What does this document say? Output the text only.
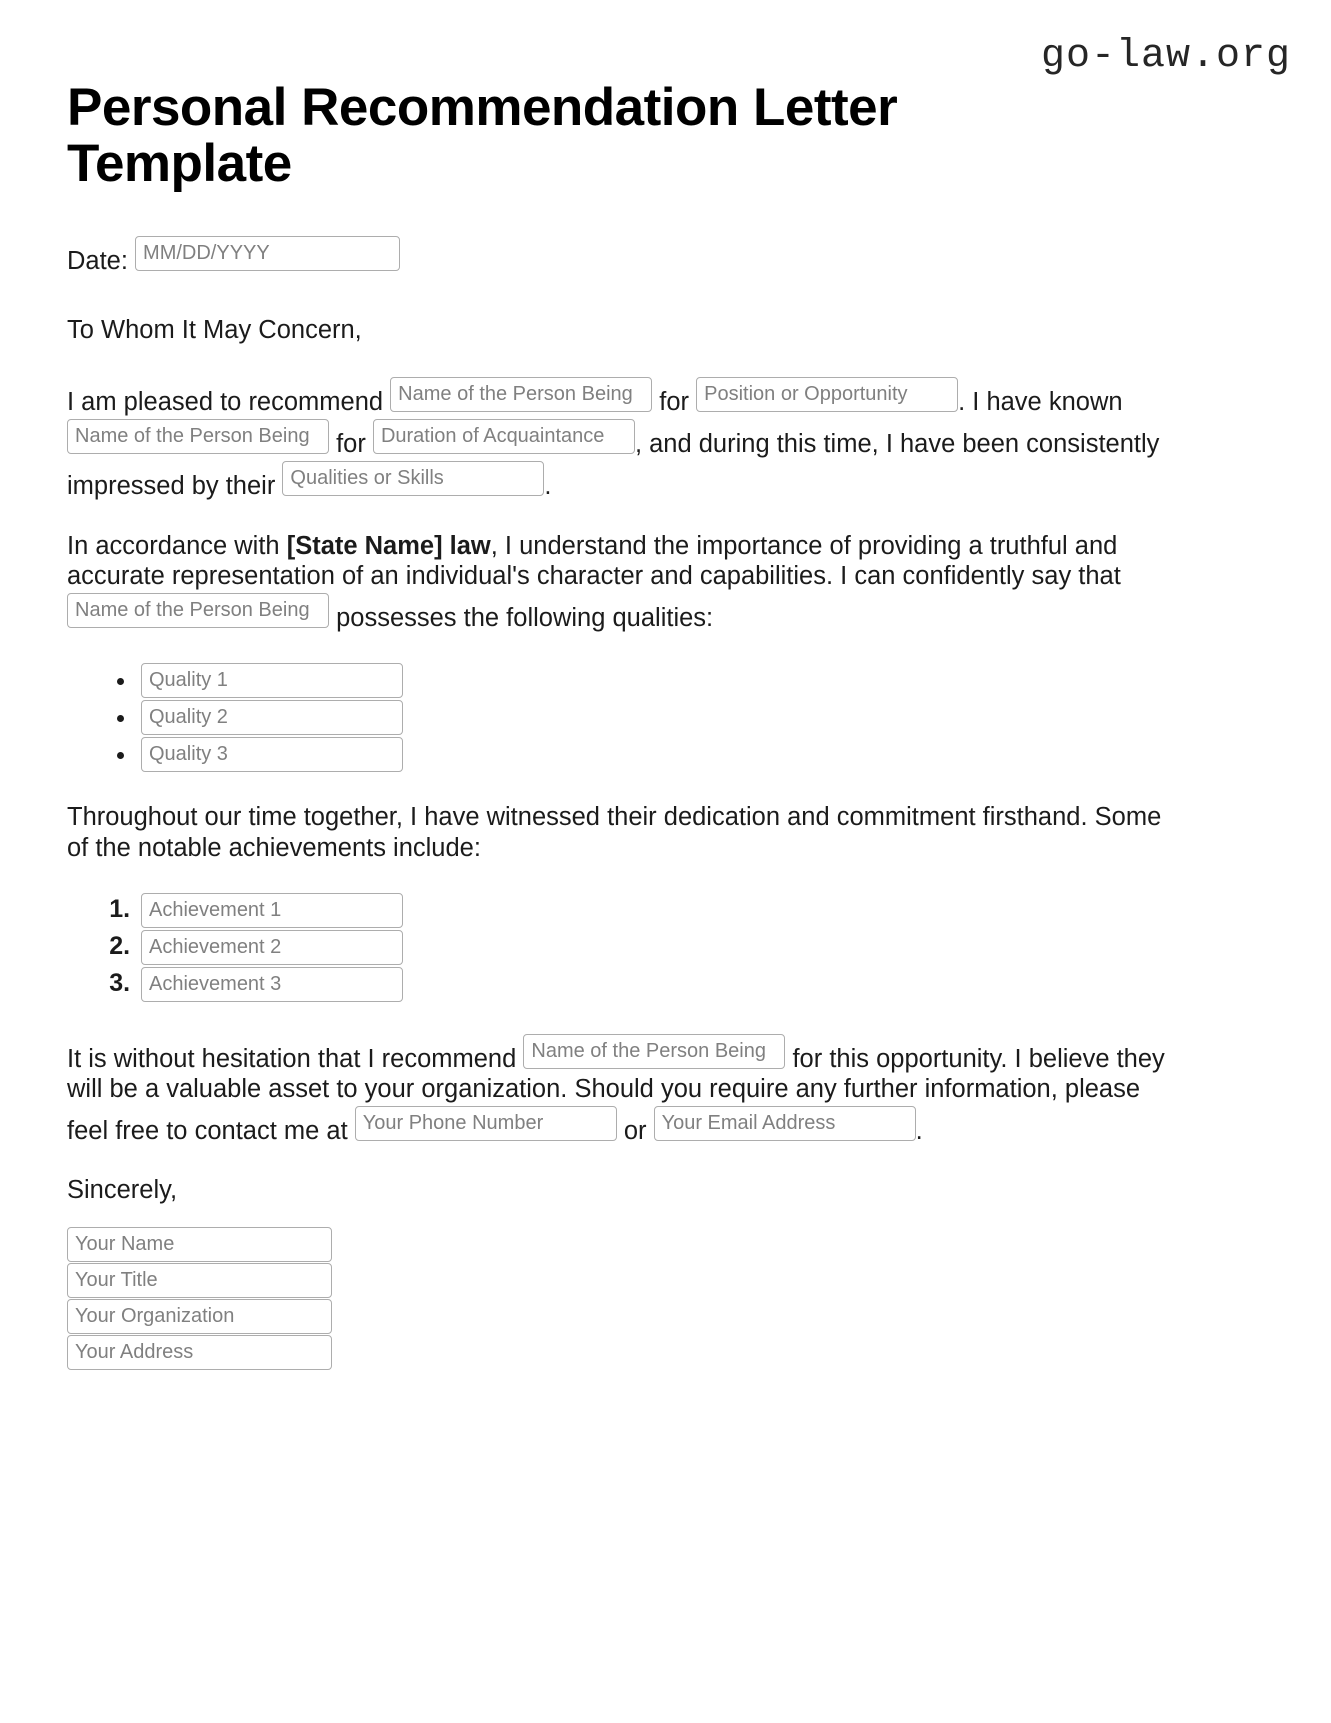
go-law.org
Personal Recommendation Letter Template
Date: MM/DD/YYYY

To Whom It May Concern,

I am pleased to recommend Name of the Person Being for Position or Opportunity . I have known Name of the Person Being for Duration of Acquaintance , and during this time, I have been consistently impressed by their Qualities or Skills	.

In accordance with [State Name] law, I understand the importance of providing a truthful and accurate representation of an individual's character and capabilities. I can confidently say that Name of the Person Being possesses the following qualities:

• Quality 1
• Quality 2
• Quality 3

Throughout our time together, I have witnessed their dedication and commitment firsthand. Some of the notable achievements include:

1. Achievement 1
2. Achievement 2
3. Achievement 3

It is without hesitation that I recommend Name of the Person Being for this opportunity. I believe they will be a valuable asset to your organization. Should you require any further information, please feel free to contact me at Your Phone Number	or Your Email Address	.

Sincerely,

Your Name
Your Title
Your Organization
Your Address
